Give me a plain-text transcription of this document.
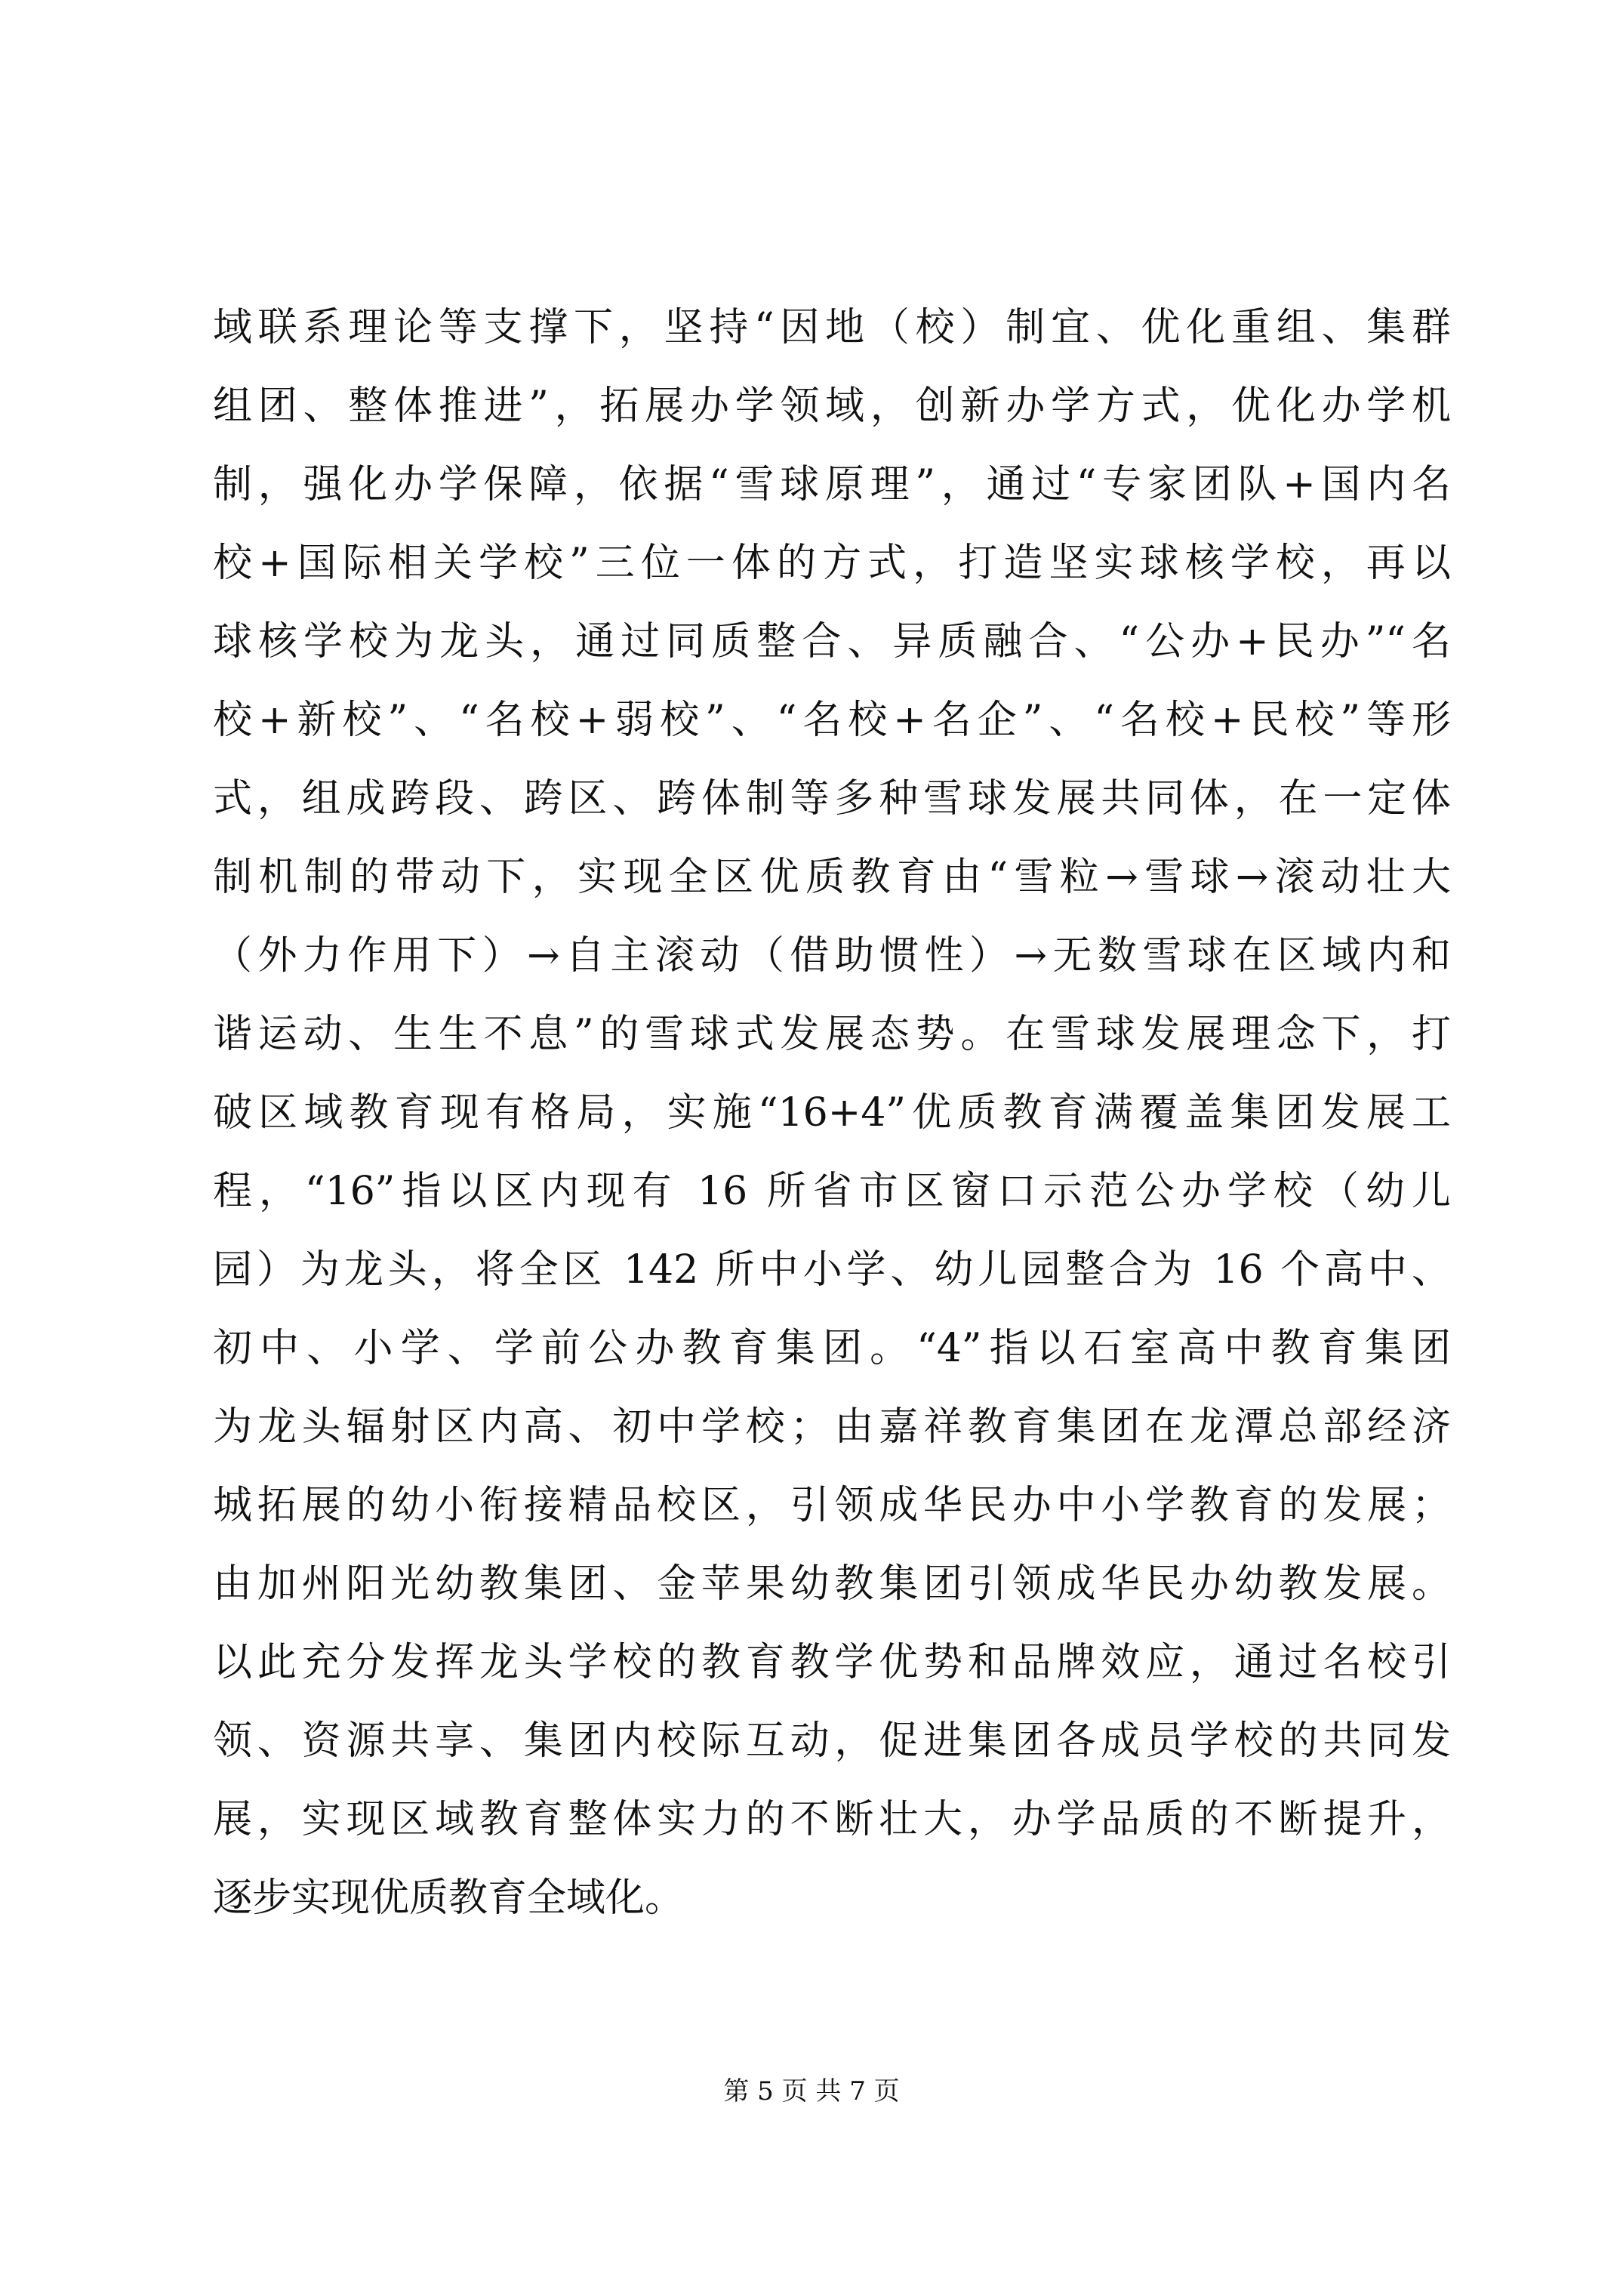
域联系理论等支撑下，坚持“因地（校）制宜、优化重组、集群
组团、整体推进”，拓展办学领域，创新办学方式，优化办学机
制，强化办学保障，依据“雪球原理”，通过“专家团队+国内名
校+国际相关学校”三位一体的方式，打造坚实球核学校，再以
球核学校为龙头，通过同质整合、异质融合、“公办+民办”“名
校+新校”、“名校+弱校”、“名校+名企”、“名校+民校”等形
式，组成跨段、跨区、跨体制等多种雪球发展共同体，在一定体
制机制的带动下，实现全区优质教育由“雪粒→雪球→滚动壮大
（外力作用下）→自主滚动（借助惯性）→无数雪球在区域内和
谐运动、生生不息”的雪球式发展态势。在雪球发展理念下，打
破区域教育现有格局，实施“16+4”优质教育满覆盖集团发展工
程，“16”指以区内现有 16 所省市区窗口示范公办学校（幼儿
园）为龙头，将全区 142 所中小学、幼儿园整合为 16 个高中、
初中、小学、学前公办教育集团。“4”指以石室高中教育集团
为龙头辐射区内高、初中学校；由嘉祥教育集团在龙潭总部经济
城拓展的幼小衔接精品校区，引领成华民办中小学教育的发展；
由加州阳光幼教集团、金苹果幼教集团引领成华民办幼教发展。
以此充分发挥龙头学校的教育教学优势和品牌效应，通过名校引
领、资源共享、集团内校际互动，促进集团各成员学校的共同发
展，实现区域教育整体实力的不断壮大，办学品质的不断提升，
逐步实现优质教育全域化。
第 5 页 共 7 页
